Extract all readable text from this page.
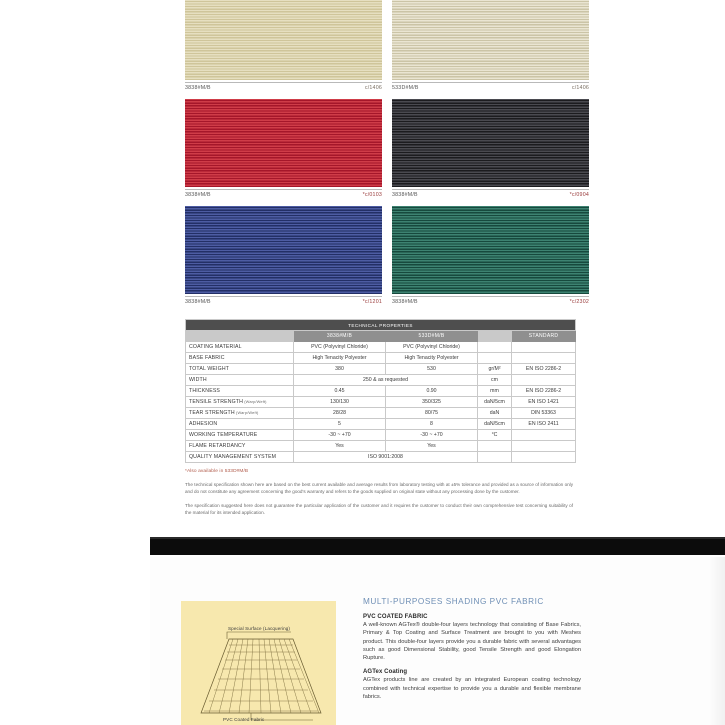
3838#M/B	c/1406 533D#M/B	c/1406
3838#M/B	*c/0103 3838#M/B	*c/0904
3838#M/B	*c/1201 3838#M/B	*c/2302
TECHNICAL PROPERTIES				
	3838#M/B	533D#M/B		STANDARD
COATING MATERIAL	PVC (Polyvinyl Chloride)	PVC (Polyvinyl Chloride)		
BASE FABRIC	High Tenacity Polyester	High Tenacity Polyester		
TOTAL WEIGHT	380	530	gr/M²	EN ISO 2286-2
WIDTH	250 & as requested		cm	
THICKNESS	0.45	0.90	mm	EN ISO 2286-2
TENSILE STRENGTH (Warp/Weft)	130/130	350/325	daN/5cm	EN ISO 1421
TEAR STRENGTH (Warp/Weft)	28/28	80/75	daN	DIN 53363
ADHESION	5	8	daN/5cm	EN ISO 2411
WORKING TEMPERATURE	-30 ~ +70	-30 ~ +70	°C	
FLAME RETARDANCY	Yes	Yes		
QUALITY MANAGEMENT SYSTEM	ISO 9001:2008			
*Also available in 533D#M/B
The technical specification shown here are based on the best current available and average results from laboratory testing with at ±5% tolerance and provided as a source of information only and do not constitute any agreement concerning the good's warranty and refers to the goods supplied on original state without any processing done by the customer.
The specification suggested here does not guarantee the particular application of the customer and it requires the customer to conduct their own comprehensive test concerning suitability of the material for its intended application.
Special Surface (Lacquering)
PVC Coated Fabric
MULTI-PURPOSES SHADING PVC FABRIC
PVC COATED FABRIC

A well-known AGTex® double-four layers technology that consisting of Base Fabrics, Primary & Top Coating and Surface Treatment are brought to you with Meshes product. This double-four layers provide you a durable fabric with several advantages such as good Dimensional Stability, good Tensile Strength and good Elongation Rupture.

AGTex Coating

AGTex products line are created by an integrated European coating technology combined with technical expertise to provide you a durable and flexible membrane fabrics.
